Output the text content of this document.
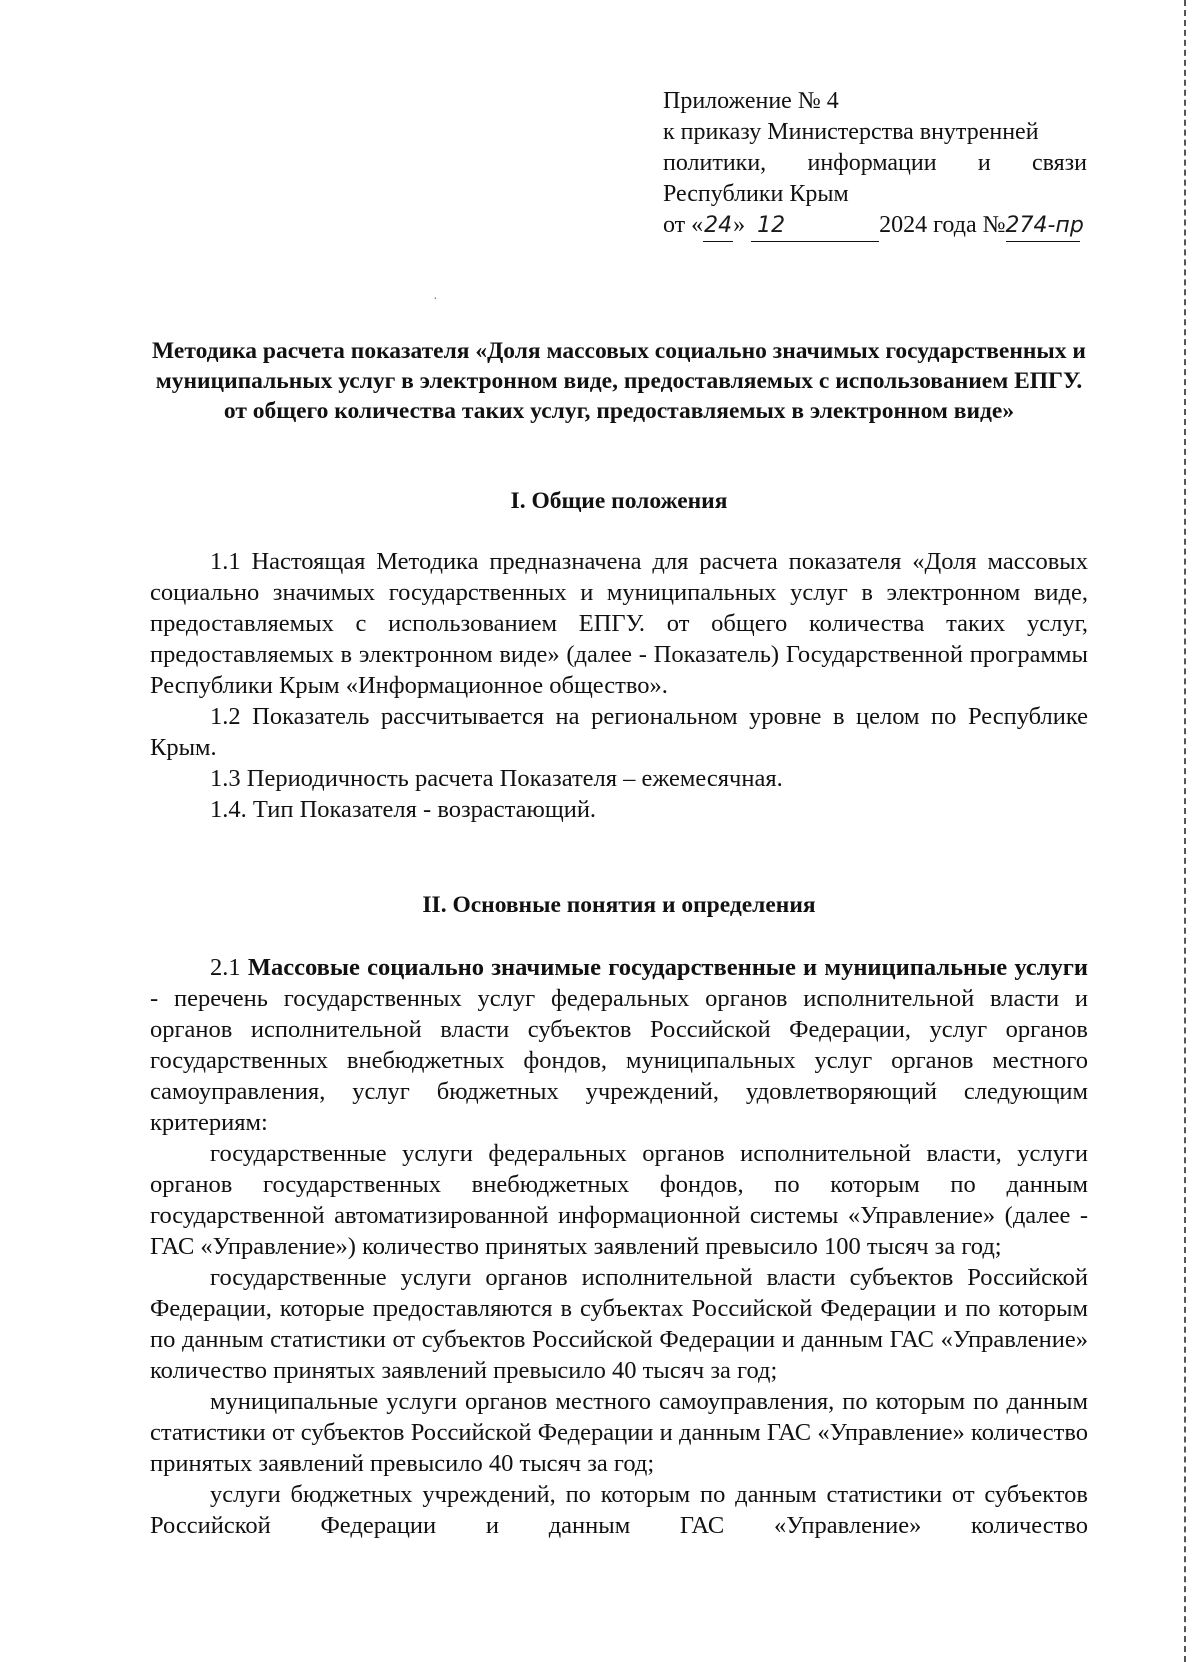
Приложение № 4
к приказу Министерства внутренней
политики, информации и связи
Республики Крым
от «24» 12	2024 года №274-пр
·
Методика расчета показателя «Доля массовых социально значимых государственных и муниципальных услуг в электронном виде, предоставляемых с использованием ЕПГУ. от общего количества таких услуг, предоставляемых в электронном виде»
I. Общие положения

1.1 Настоящая Методика предназначена для расчета показателя «Доля массовых социально значимых государственных и муниципальных услуг в электронном виде, предоставляемых с использованием ЕПГУ. от общего количества таких услуг, предоставляемых в электронном виде» (далее - Показатель) Государственной программы Республики Крым «Информационное общество».

1.2 Показатель рассчитывается на региональном уровне в целом по Республике Крым.

1.3 Периодичность расчета Показателя – ежемесячная.

1.4. Тип Показателя - возрастающий.

II. Основные понятия и определения

2.1 Массовые социально значимые государственные и муниципальные услуги - перечень государственных услуг федеральных органов исполнительной власти и органов исполнительной власти субъектов Российской Федерации, услуг органов государственных внебюджетных фондов, муниципальных услуг органов местного самоуправления, услуг бюджетных учреждений, удовлетворяющий следующим критериям:

государственные услуги федеральных органов исполнительной власти, услуги органов государственных внебюджетных фондов, по которым по данным государственной автоматизированной информационной системы «Управление» (далее - ГАС «Управление») количество принятых заявлений превысило 100 тысяч за год;

государственные услуги органов исполнительной власти субъектов Российской Федерации, которые предоставляются в субъектах Российской Федерации и по которым по данным статистики от субъектов Российской Федерации и данным ГАС «Управление» количество принятых заявлений превысило 40 тысяч за год;

муниципальные услуги органов местного самоуправления, по которым по данным статистики от субъектов Российской Федерации и данным ГАС «Управление» количество принятых заявлений превысило 40 тысяч за год;

услуги бюджетных учреждений, по которым по данным статистики от субъектов Российской Федерации и данным ГАС «Управление» количество
